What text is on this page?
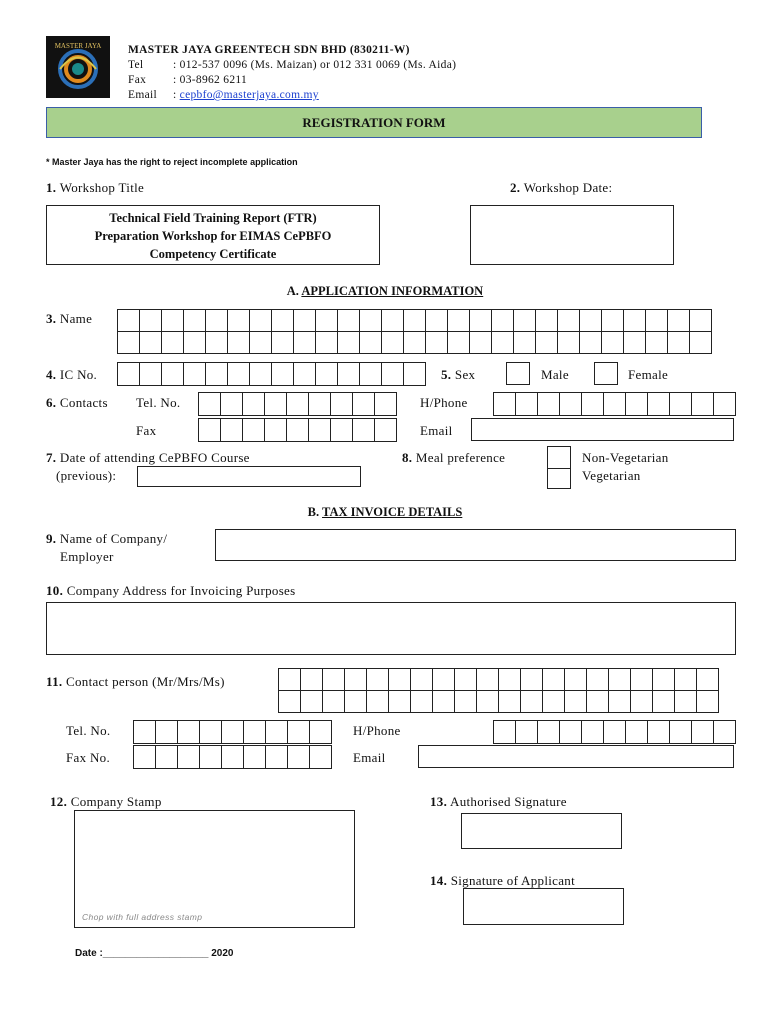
MASTER JAYA MASTER JAYA GREENTECH SDN BHD (830211-W)
Tel	: 012-537 0096 (Ms. Maizan) or 012 331 0069 (Ms. Aida)
Fax : 03-8962 6211
Email : cepbfo@masterjaya.com.my
REGISTRATION FORM
* Master Jaya has the right to reject incomplete application
1. Workshop Title
Technical Field Training Report (FTR)
Preparation Workshop for EIMAS CePBFO
Competency Certificate
2. Workshop Date:
A. APPLICATION INFORMATION
3. Name
4. IC No.	5. Sex	Male	Female
6. Contacts Tel. No.	H/Phone
Fax	Email
7. Date of attending CePBFO Course
(previous):
8. Meal preference	Non-Vegetarian
Vegetarian
B. TAX INVOICE DETAILS
9. Name of Company/
Employer
10. Company Address for Invoicing Purposes
11. Contact person (Mr/Mrs/Ms)
Tel. No.	H/Phone
Fax No.	Email
12. Company Stamp
Chop with full address stamp
13. Authorised Signature
14. Signature of Applicant
Date :___________________ 2020
